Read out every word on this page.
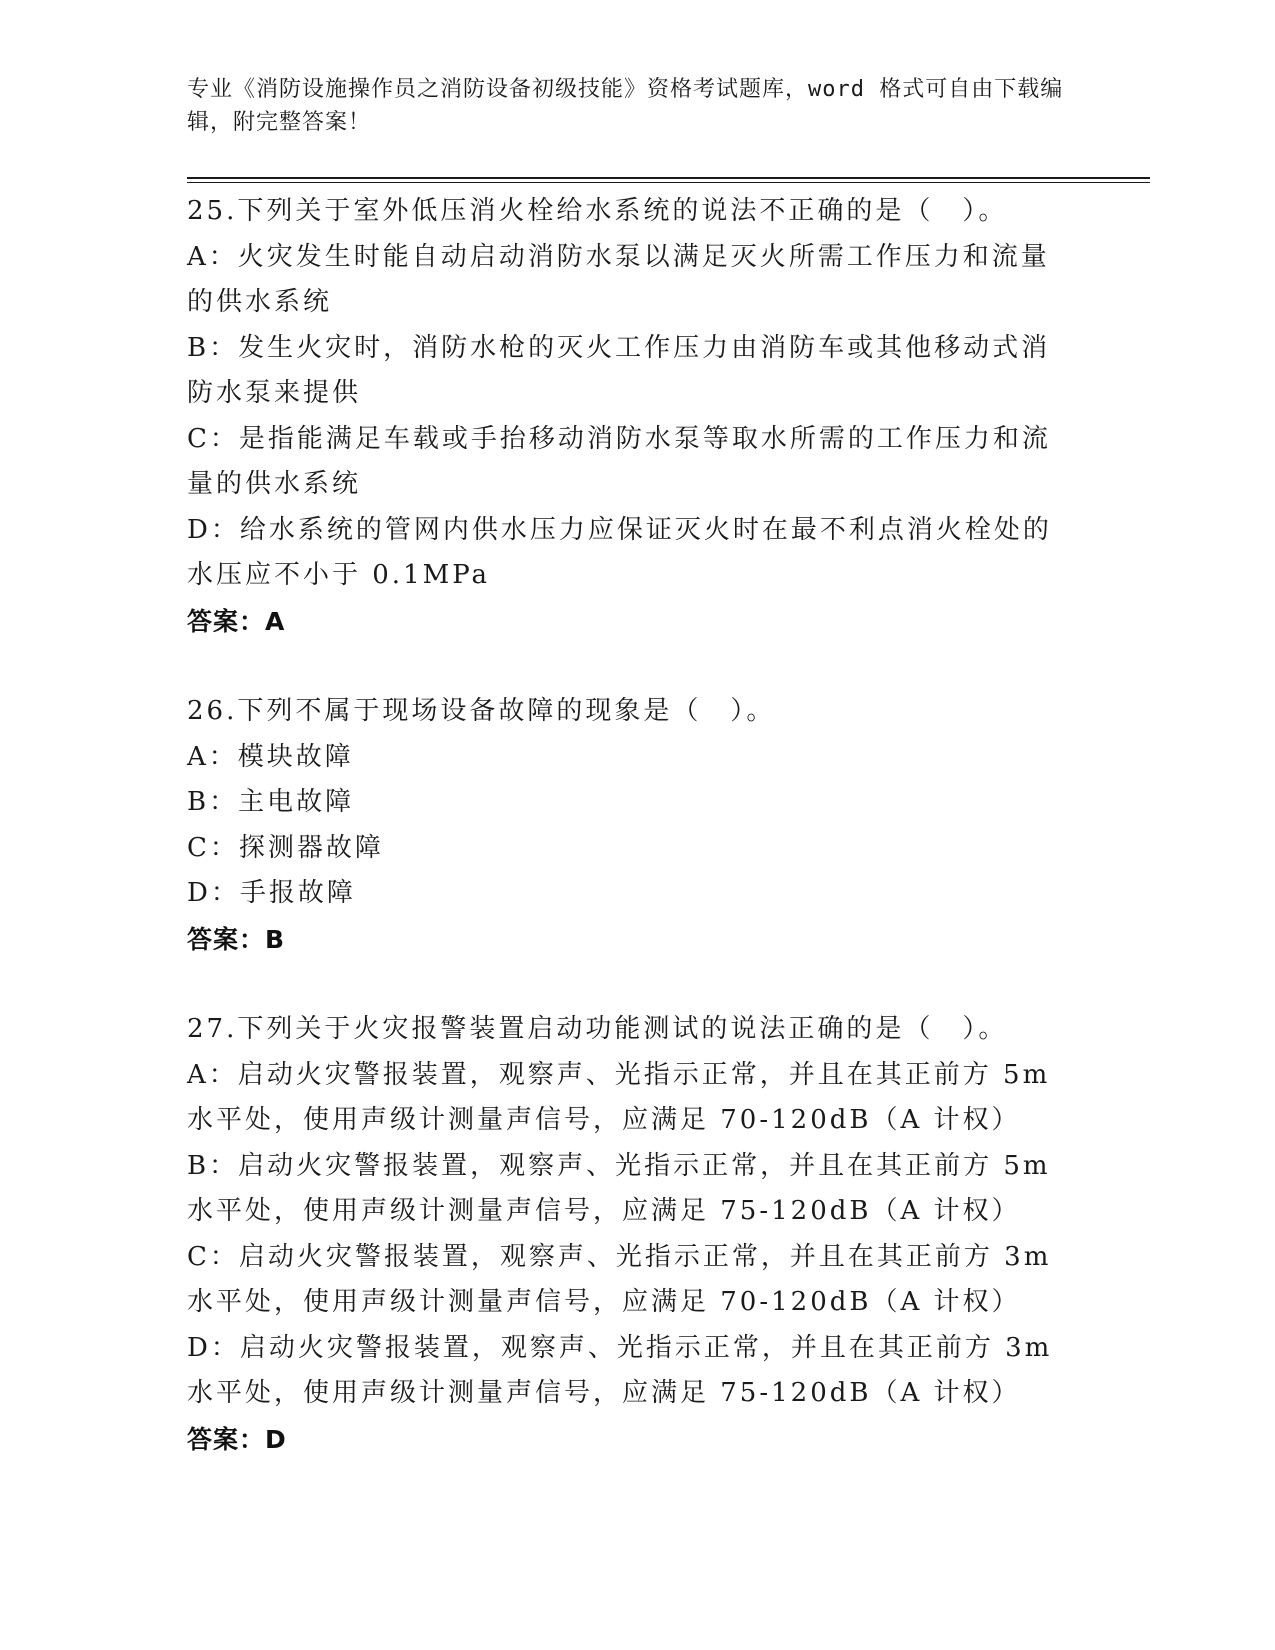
专业《消防设施操作员之消防设备初级技能》资格考试题库，word 格式可自由下载编辑，附完整答案！
25.下列关于室外低压消火栓给水系统的说法不正确的是（　）。
A：火灾发生时能自动启动消防水泵以满足灭火所需工作压力和流量的供水系统
B：发生火灾时，消防水枪的灭火工作压力由消防车或其他移动式消防水泵来提供
C：是指能满足车载或手抬移动消防水泵等取水所需的工作压力和流量的供水系统
D：给水系统的管网内供水压力应保证灭火时在最不利点消火栓处的水压应不小于 0.1MPa
答案：A
26.下列不属于现场设备故障的现象是（　）。
A：模块故障
B：主电故障
C：探测器故障
D：手报故障
答案：B
27.下列关于火灾报警装置启动功能测试的说法正确的是（　）。
A：启动火灾警报装置，观察声、光指示正常，并且在其正前方 5m 水平处，使用声级计测量声信号，应满足 70-120dB（A 计权）
B：启动火灾警报装置，观察声、光指示正常，并且在其正前方 5m 水平处，使用声级计测量声信号，应满足 75-120dB（A 计权）
C：启动火灾警报装置，观察声、光指示正常，并且在其正前方 3m 水平处，使用声级计测量声信号，应满足 70-120dB（A 计权）
D：启动火灾警报装置，观察声、光指示正常，并且在其正前方 3m 水平处，使用声级计测量声信号，应满足 75-120dB（A 计权）
答案：D
